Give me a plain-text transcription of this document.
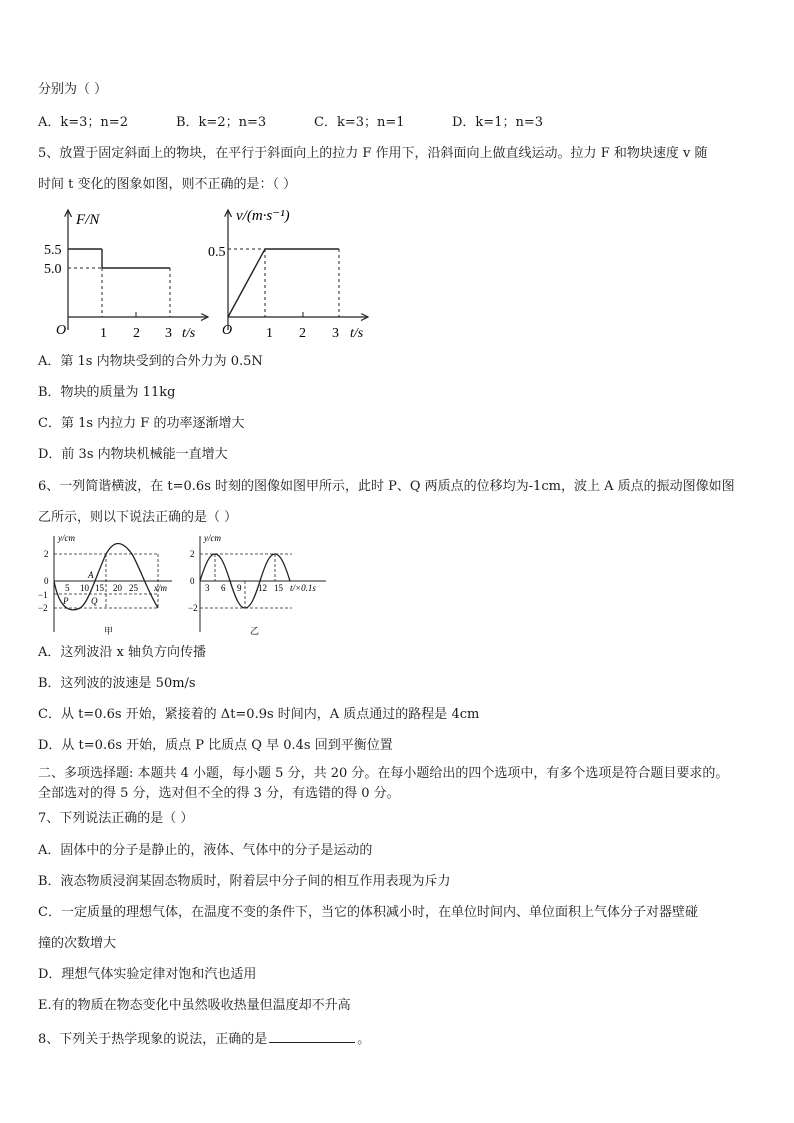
分别为（ ）
A．k=3；n=2	B．k=2；n=3	C．k=3；n=1	D．k=1；n=3
5、放置于固定斜面上的物块，在平行于斜面向上的拉力 F 作用下，沿斜面向上做直线运动。拉力 F 和物块速度 v 随
时间 t 变化的图象如图，则不正确的是：（ ）
F/N
5.5
5.0
O 1 2 3 t/s
v/(m·s⁻¹)
0.5
O 1 2 3 t/s
A．第 1s 内物块受到的合外力为 0.5N
B．物块的质量为 11kg
C．第 1s 内拉力 F 的功率逐渐增大
D．前 3s 内物块机械能一直增大
6、一列简谐横波，在 t=0.6s 时刻的图像如图甲所示，此时 P、Q 两质点的位移均为-1cm，波上 A 质点的振动图像如图
乙所示，则以下说法正确的是（ ）
y/cm
2
0
−1
−2
5 10 15 20 25 x/m
A
P	Q
甲
y/cm
2
0
−2
3 6 9 12 15 t/×0.1s
乙
A．这列波沿 x 轴负方向传播
B．这列波的波速是 50m/s
C．从 t=0.6s 开始，紧接着的 Δt=0.9s 时间内，A 质点通过的路程是 4cm
D．从 t=0.6s 开始，质点 P 比质点 Q 早 0.4s 回到平衡位置
二、多项选择题: 本题共 4 小题，每小题 5 分，共 20 分。在每小题给出的四个选项中，有多个选项是符合题目要求的。
全部选对的得 5 分，选对但不全的得 3 分，有选错的得 0 分。
7、下列说法正确的是（ ）
A．固体中的分子是静止的，液体、气体中的分子是运动的
B．液态物质浸润某固态物质时，附着层中分子间的相互作用表现为斥力
C．一定质量的理想气体，在温度不变的条件下，当它的体积减小时，在单位时间内、单位面积上气体分子对器壁碰
撞的次数增大
D．理想气体实验定律对饱和汽也适用
E.有的物质在物态变化中虽然吸收热量但温度却不升高
8、下列关于热学现象的说法，正确的是	。
